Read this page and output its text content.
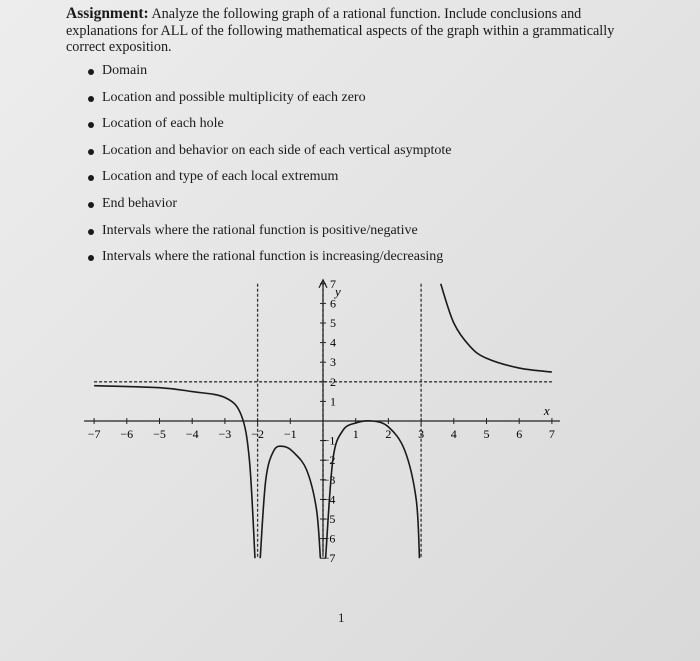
Assignment: Analyze the following graph of a rational function. Include conclusions and explanations for ALL of the following mathematical aspects of the graph within a grammatically correct exposition.
Domain
Location and possible multiplicity of each zero
Location of each hole
Location and behavior on each side of each vertical asymptote
Location and type of each local extremum
End behavior
Intervals where the rational function is positive/negative
Intervals where the rational function is increasing/decreasing
x
y
−7 −6 −5 −4 −3 −2 −1	1 2 3 4 5 6 7
−7
−6
−5
−4
−3
−2
−1
1
2
3
4
5
6
7
1
